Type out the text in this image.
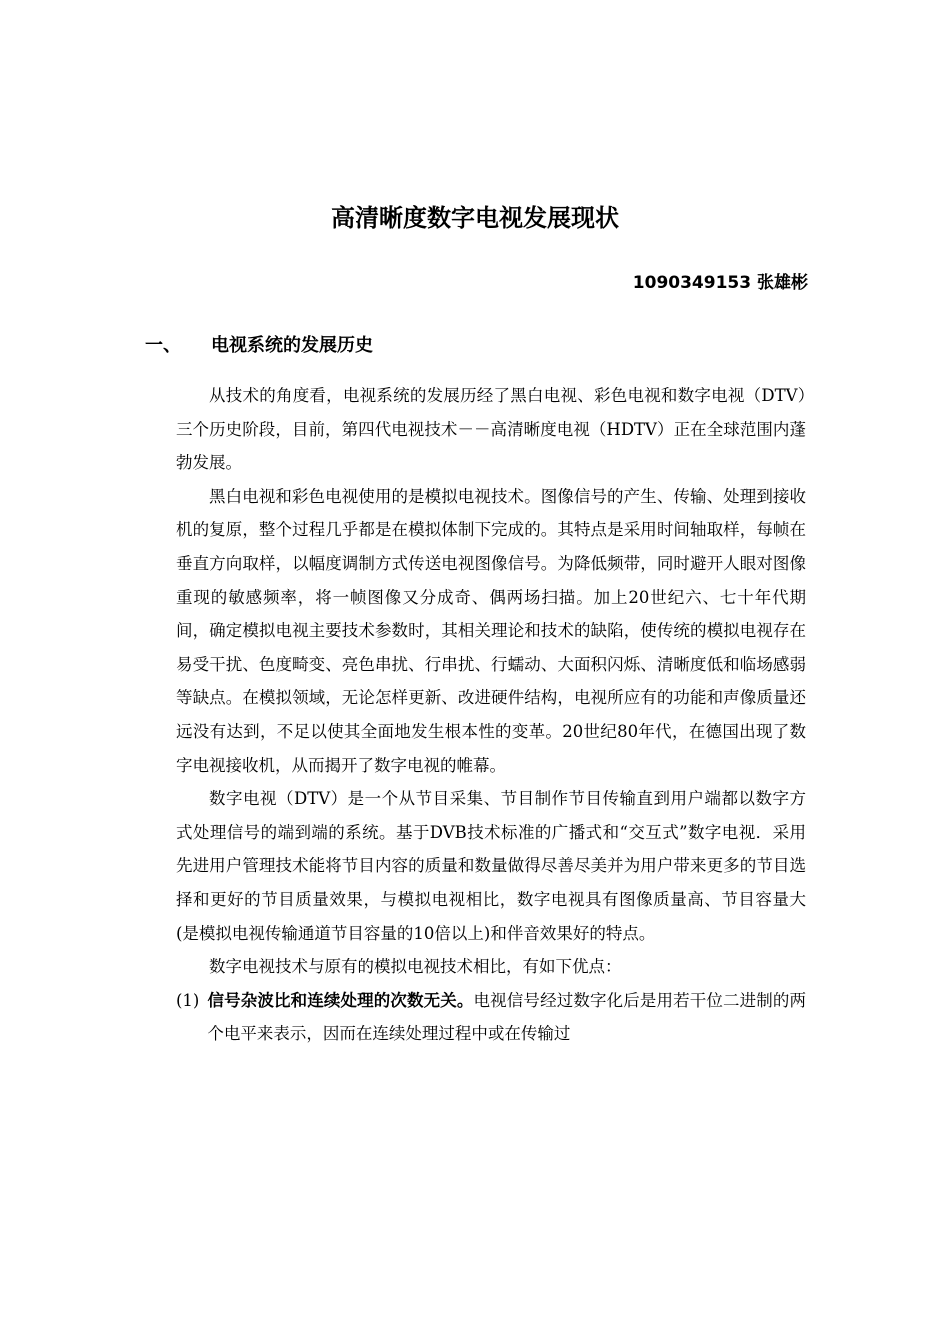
高清晰度数字电视发展现状
1090349153 张雄彬
一、 电视系统的发展历史

从技术的角度看，电视系统的发展历经了黑白电视、彩色电视和数字电视（DTV）三个历史阶段，目前，第四代电视技术－－高清晰度电视（HDTV）正在全球范围内蓬勃发展。

黑白电视和彩色电视使用的是模拟电视技术。图像信号的产生、传输、处理到接收机的复原，整个过程几乎都是在模拟体制下完成的。其特点是采用时间轴取样，每帧在垂直方向取样，以幅度调制方式传送电视图像信号。为降低频带，同时避开人眼对图像重现的敏感频率，将一帧图像又分成奇、偶两场扫描。加上20世纪六、七十年代期间，确定模拟电视主要技术参数时，其相关理论和技术的缺陷，使传统的模拟电视存在易受干扰、色度畸变、亮色串扰、行串扰、行蠕动、大面积闪烁、清晰度低和临场感弱等缺点。在模拟领域，无论怎样更新、改进硬件结构，电视所应有的功能和声像质量还远没有达到，不足以使其全面地发生根本性的变革。20世纪80年代，在德国出现了数字电视接收机，从而揭开了数字电视的帷幕。

数字电视（DTV）是一个从节目采集、节目制作节目传输直到用户端都以数字方式处理信号的端到端的系统。基于DVB技术标准的广播式和“交互式”数字电视．采用先进用户管理技术能将节目内容的质量和数量做得尽善尽美并为用户带来更多的节目选择和更好的节目质量效果，与模拟电视相比，数字电视具有图像质量高、节目容量大(是模拟电视传输通道节目容量的10倍以上)和伴音效果好的特点。

数字电视技术与原有的模拟电视技术相比，有如下优点：

(1) 信号杂波比和连续处理的次数无关。电视信号经过数字化后是用若干位二进制的两个电平来表示，因而在连续处理过程中或在传输过
